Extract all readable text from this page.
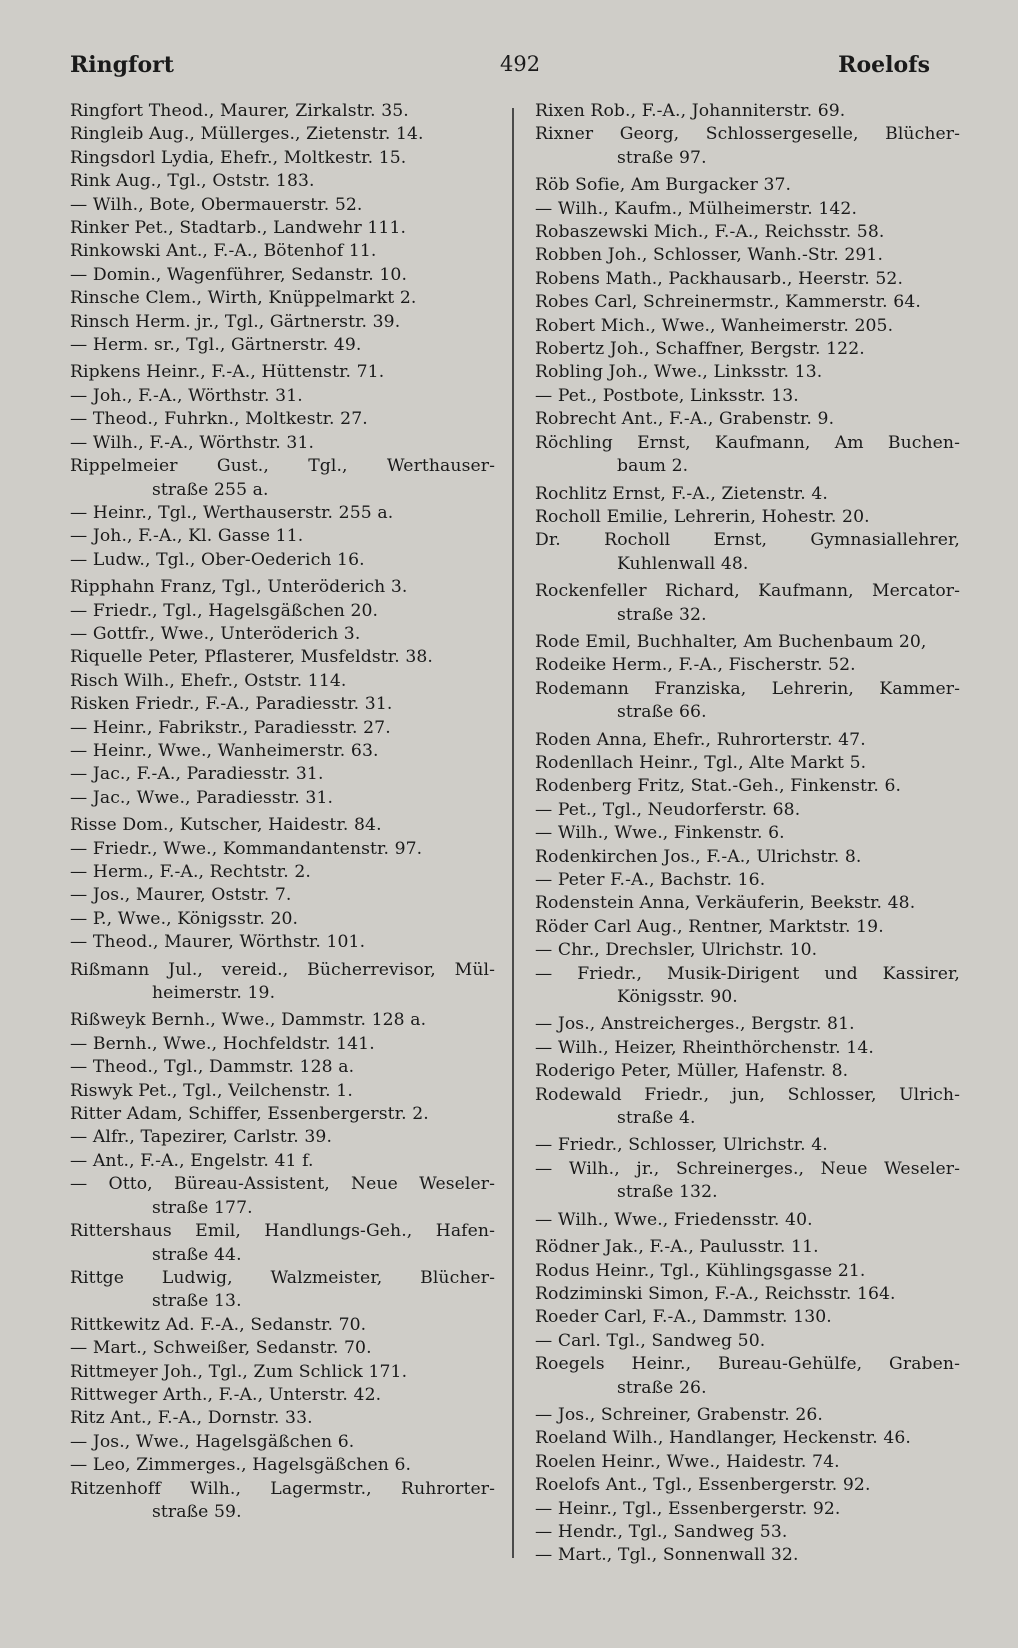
Ringfort	492	Roelofs
Ringfort Theod., Maurer, Zirkalstr. 35.
Ringleib Aug., Müllerges., Zietenstr. 14.
Ringsdorl Lydia, Ehefr., Moltkestr. 15.
Rink Aug., Tgl., Oststr. 183.
— Wilh., Bote, Obermauerstr. 52.
Rinker Pet., Stadtarb., Landwehr 111.
Rinkowski Ant., F.-A., Bötenhof 11.
— Domin., Wagenführer, Sedanstr. 10.
Rinsche Clem., Wirth, Knüppelmarkt 2.
Rinsch Herm. jr., Tgl., Gärtnerstr. 39.
— Herm. sr., Tgl., Gärtnerstr. 49.
Ripkens Heinr., F.-A., Hüttenstr. 71.
— Joh., F.-A., Wörthstr. 31.
— Theod., Fuhrkn., Moltkestr. 27.
— Wilh., F.-A., Wörthstr. 31.
Rippelmeier Gust., Tgl., Werthauser-
straße 255 a.
— Heinr., Tgl., Werthauserstr. 255 a.
— Joh., F.-A., Kl. Gasse 11.
— Ludw., Tgl., Ober-Oederich 16.
Ripphahn Franz, Tgl., Unteröderich 3.
— Friedr., Tgl., Hagelsgäßchen 20.
— Gottfr., Wwe., Unteröderich 3.
Riquelle Peter, Pflasterer, Musfeldstr. 38.
Risch Wilh., Ehefr., Oststr. 114.
Risken Friedr., F.-A., Paradiesstr. 31.
— Heinr., Fabrikstr., Paradiesstr. 27.
— Heinr., Wwe., Wanheimerstr. 63.
— Jac., F.-A., Paradiesstr. 31.
— Jac., Wwe., Paradiesstr. 31.
Risse Dom., Kutscher, Haidestr. 84.
— Friedr., Wwe., Kommandantenstr. 97.
— Herm., F.-A., Rechtstr. 2.
— Jos., Maurer, Oststr. 7.
— P., Wwe., Königsstr. 20.
— Theod., Maurer, Wörthstr. 101.
Rißmann Jul., vereid., Bücherrevisor, Mül-
heimerstr. 19.
Rißweyk Bernh., Wwe., Dammstr. 128 a.
— Bernh., Wwe., Hochfeldstr. 141.
— Theod., Tgl., Dammstr. 128 a.
Riswyk Pet., Tgl., Veilchenstr. 1.
Ritter Adam, Schiffer, Essenbergerstr. 2.
— Alfr., Tapezirer, Carlstr. 39.
— Ant., F.-A., Engelstr. 41 f.
— Otto, Büreau-Assistent, Neue Weseler-
straße 177.
Rittershaus Emil, Handlungs-Geh., Hafen-
straße 44.
Rittge Ludwig, Walzmeister, Blücher-
straße 13.
Rittkewitz Ad. F.-A., Sedanstr. 70.
— Mart., Schweißer, Sedanstr. 70.
Rittmeyer Joh., Tgl., Zum Schlick 171.
Rittweger Arth., F.-A., Unterstr. 42.
Ritz Ant., F.-A., Dornstr. 33.
— Jos., Wwe., Hagelsgäßchen 6.
— Leo, Zimmerges., Hagelsgäßchen 6.
Ritzenhoff Wilh., Lagermstr., Ruhrorter-
straße 59.
Rixen Rob., F.-A., Johanniterstr. 69.
Rixner Georg, Schlossergeselle, Blücher-
straße 97.
Röb Sofie, Am Burgacker 37.
— Wilh., Kaufm., Mülheimerstr. 142.
Robaszewski Mich., F.-A., Reichsstr. 58.
Robben Joh., Schlosser, Wanh.-Str. 291.
Robens Math., Packhausarb., Heerstr. 52.
Robes Carl, Schreinermstr., Kammerstr. 64.
Robert Mich., Wwe., Wanheimerstr. 205.
Robertz Joh., Schaffner, Bergstr. 122.
Robling Joh., Wwe., Linksstr. 13.
— Pet., Postbote, Linksstr. 13.
Robrecht Ant., F.-A., Grabenstr. 9.
Röchling Ernst, Kaufmann, Am Buchen-
baum 2.
Rochlitz Ernst, F.-A., Zietenstr. 4.
Rocholl Emilie, Lehrerin, Hohestr. 20.
Dr. Rocholl Ernst, Gymnasiallehrer,
Kuhlenwall 48.
Rockenfeller Richard, Kaufmann, Mercator-
straße 32.
Rode Emil, Buchhalter, Am Buchenbaum 20,
Rodeike Herm., F.-A., Fischerstr. 52.
Rodemann Franziska, Lehrerin, Kammer-
straße 66.
Roden Anna, Ehefr., Ruhrorterstr. 47.
Rodenllach Heinr., Tgl., Alte Markt 5.
Rodenberg Fritz, Stat.-Geh., Finkenstr. 6.
— Pet., Tgl., Neudorferstr. 68.
— Wilh., Wwe., Finkenstr. 6.
Rodenkirchen Jos., F.-A., Ulrichstr. 8.
— Peter F.-A., Bachstr. 16.
Rodenstein Anna, Verkäuferin, Beekstr. 48.
Röder Carl Aug., Rentner, Marktstr. 19.
— Chr., Drechsler, Ulrichstr. 10.
— Friedr., Musik-Dirigent und Kassirer,
Königsstr. 90.
— Jos., Anstreicherges., Bergstr. 81.
— Wilh., Heizer, Rheinthörchenstr. 14.
Roderigo Peter, Müller, Hafenstr. 8.
Rodewald Friedr., jun, Schlosser, Ulrich-
straße 4.
— Friedr., Schlosser, Ulrichstr. 4.
— Wilh., jr., Schreinerges., Neue Weseler-
straße 132.
— Wilh., Wwe., Friedensstr. 40.
Rödner Jak., F.-A., Paulusstr. 11.
Rodus Heinr., Tgl., Kühlingsgasse 21.
Rodziminski Simon, F.-A., Reichsstr. 164.
Roeder Carl, F.-A., Dammstr. 130.
— Carl. Tgl., Sandweg 50.
Roegels Heinr., Bureau-Gehülfe, Graben-
straße 26.
— Jos., Schreiner, Grabenstr. 26.
Roeland Wilh., Handlanger, Heckenstr. 46.
Roelen Heinr., Wwe., Haidestr. 74.
Roelofs Ant., Tgl., Essenbergerstr. 92.
— Heinr., Tgl., Essenbergerstr. 92.
— Hendr., Tgl., Sandweg 53.
— Mart., Tgl., Sonnenwall 32.
